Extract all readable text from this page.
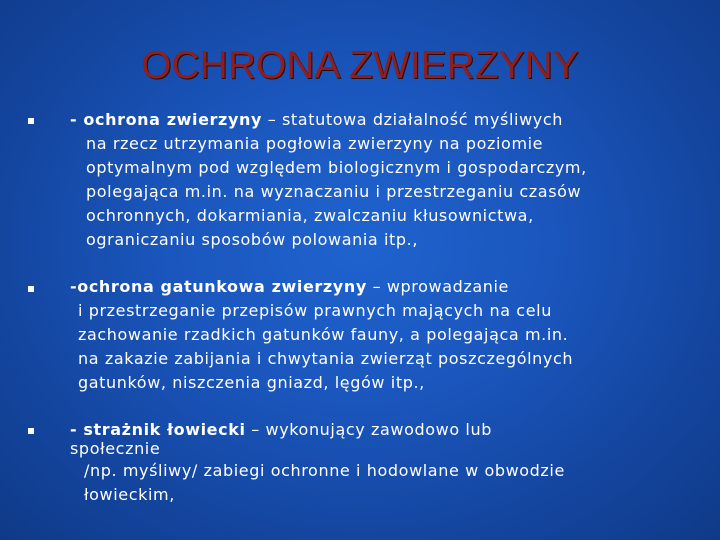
OCHRONA ZWIERZYNY

- ochrona zwierzyny – statutowa działalność myśliwych
na rzecz utrzymania pogłowia zwierzyny na poziomie
optymalnym pod względem biologicznym i gospodarczym,
polegająca m.in. na wyznaczaniu i przestrzeganiu czasów
ochronnych, dokarmiania, zwalczaniu kłusownictwa,
ograniczaniu sposobów polowania itp.,

-ochrona gatunkowa zwierzyny – wprowadzanie
i przestrzeganie przepisów prawnych mających na celu
zachowanie rzadkich gatunków fauny, a polegająca m.in.
na zakazie zabijania i chwytania zwierząt poszczególnych
gatunków, niszczenia gniazd, lęgów itp.,

- strażnik łowiecki – wykonujący zawodowo lub
społecznie
/np. myśliwy/ zabiegi ochronne i hodowlane w obwodzie
łowieckim,
